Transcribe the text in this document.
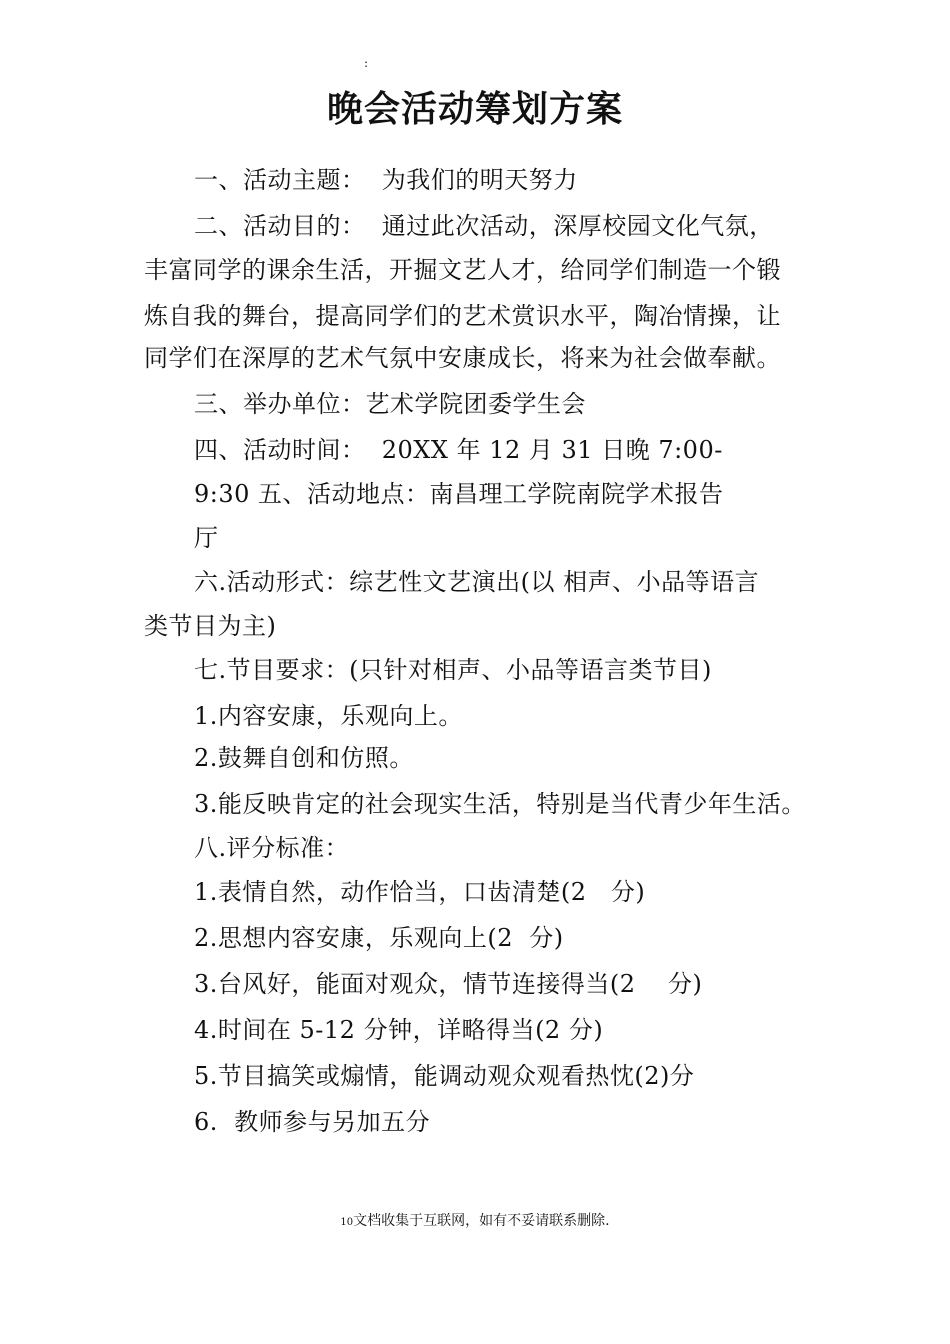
:
晚会活动筹划方案
一、活动主题：  为我们的明天努力
二、活动目的：  通过此次活动，深厚校园文化气氛，
丰富同学的课余生活，开掘文艺人才，给同学们制造一个锻
炼自我的舞台，提高同学们的艺术赏识水平，陶冶情操，让
同学们在深厚的艺术气氛中安康成长，将来为社会做奉献。
三、举办单位：艺术学院团委学生会
四、活动时间：  20XX 年 12 月 31 日晚 7:00-
9:30 五、活动地点：南昌理工学院南院学术报告
厅
六.活动形式：综艺性文艺演出(以 相声、小品等语言
类节目为主)
七.节目要求：(只针对相声、小品等语言类节目)
1.内容安康，乐观向上。
2.鼓舞自创和仿照。
3.能反映肯定的社会现实生活，特别是当代青少年生活。
八.评分标准：
1.表情自然，动作恰当，口齿清楚(2   分)
2.思想内容安康，乐观向上(2  分)
3.台风好，能面对观众，情节连接得当(2    分)
4.时间在 5-12 分钟，详略得当(2 分)
5.节目搞笑或煽情，能调动观众观看热忱(2)分
6.  教师参与另加五分
10文档收集于互联网，如有不妥请联系删除.
